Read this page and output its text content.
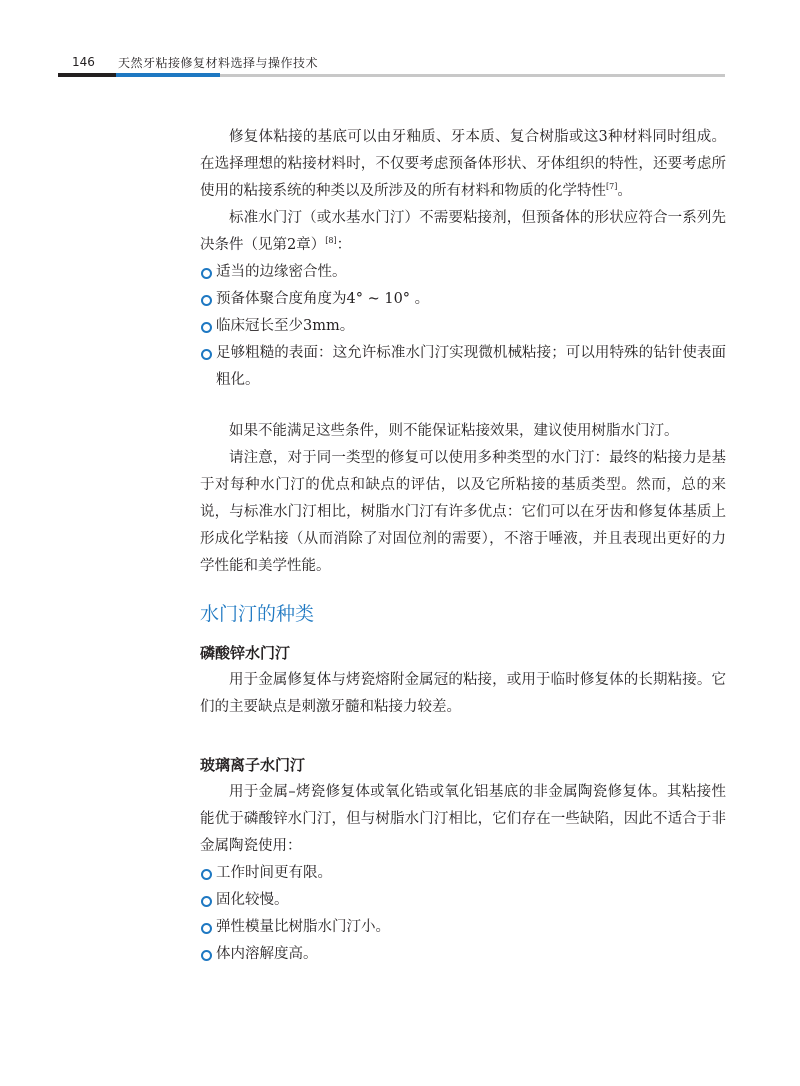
146 天然牙粘接修复材料选择与操作技术

修复体粘接的基底可以由牙釉质、牙本质、复合树脂或这3种材料同时组成。在选择理想的粘接材料时，不仅要考虑预备体形状、牙体组织的特性，还要考虑所使用的粘接系统的种类以及所涉及的所有材料和物质的化学特性[7]。

标准水门汀（或水基水门汀）不需要粘接剂，但预备体的形状应符合一系列先决条件（见第2章）[8]：

适当的边缘密合性。
预备体聚合度角度为4° ~ 10° 。
临床冠长至少3mm。
足够粗糙的表面：这允许标准水门汀实现微机械粘接；可以用特殊的钻针使表面粗化。

如果不能满足这些条件，则不能保证粘接效果，建议使用树脂水门汀。

请注意，对于同一类型的修复可以使用多种类型的水门汀：最终的粘接力是基于对每种水门汀的优点和缺点的评估，以及它所粘接的基质类型。然而，总的来说，与标准水门汀相比，树脂水门汀有许多优点：它们可以在牙齿和修复体基质上形成化学粘接（从而消除了对固位剂的需要），不溶于唾液，并且表现出更好的力学性能和美学性能。

水门汀的种类
磷酸锌水门汀

用于金属修复体与烤瓷熔附金属冠的粘接，或用于临时修复体的长期粘接。它们的主要缺点是刺激牙髓和粘接力较差。

玻璃离子水门汀

用于金属–烤瓷修复体或氧化锆或氧化铝基底的非金属陶瓷修复体。其粘接性能优于磷酸锌水门汀，但与树脂水门汀相比，它们存在一些缺陷，因此不适合于非金属陶瓷使用：

工作时间更有限。
固化较慢。
弹性模量比树脂水门汀小。
体内溶解度高。
